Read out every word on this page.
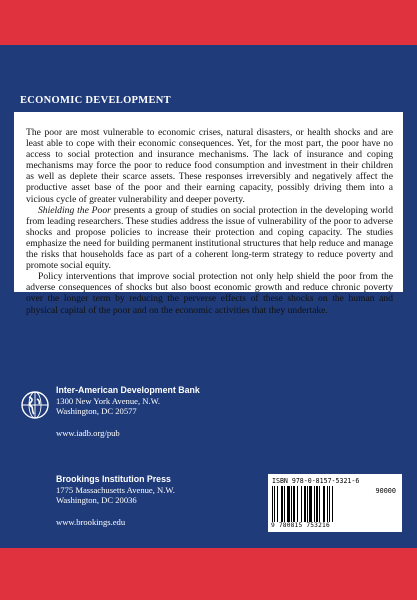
ECONOMIC DEVELOPMENT

The poor are most vulnerable to economic crises, natural disasters, or health shocks and are least able to cope with their economic consequences. Yet, for the most part, the poor have no access to social protection and insurance mechanisms. The lack of insurance and coping mechanisms may force the poor to reduce food consumption and investment in their children as well as deplete their scarce assets. These responses irreversibly and negatively affect the productive asset base of the poor and their earning capacity, possibly driving them into a vicious cycle of greater vulnerability and deeper poverty.

Shielding the Poor presents a group of studies on social protection in the developing world from leading researchers. These studies address the issue of vulnerability of the poor to adverse shocks and propose policies to increase their protection and coping capacity. The studies emphasize the need for building permanent institutional structures that help reduce and manage the risks that households face as part of a coherent long-term strategy to reduce poverty and promote social equity.

Policy interventions that improve social protection not only help shield the poor from the adverse consequences of shocks but also boost economic growth and reduce chronic poverty over the longer term by reducing the perverse effects of these shocks on the human and physical capital of the poor and on the economic activities that they undertake.

Inter-American Development Bank
1300 New York Avenue, N.W.
Washington, DC 20577
www.iadb.org/pub
Brookings Institution Press
1775 Massachusetts Avenue, N.W.
Washington, DC 20036
www.brookings.edu
ISBN 978-0-8157-5321-6
90000
9 780815 753216
